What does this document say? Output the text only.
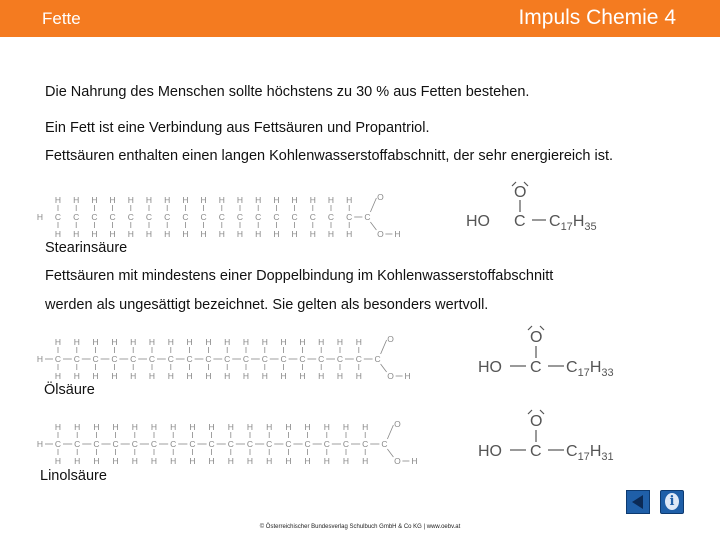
Fette	Impuls Chemie 4
Die Nahrung des Menschen sollte höchstens zu 30 % aus Fetten bestehen.
Ein Fett ist eine Verbindung aus Fettsäuren und Propantriol.
Fettsäuren enthalten einen langen Kohlenwasserstoffabschnitt, der sehr energiereich ist.
H
H
C
H
H
C
H
H
C
H
H
C
H
H
C
H
H
C
H
H
C
H
H
C
H
H
C
H
H
C
H
H
C
H
H
C
H
H
C
H
H
C
H
H
C
H
H
C
H
H
C
H
C
O
O H
Stearinsäure
HO C
O
$C_{17}H_{35}$
Fettsäuren mit mindestens einer Doppelbindung im Kohlenwasserstoffabschnitt
werden als ungesättigt bezeichnet. Sie gelten als besonders wertvoll.
H
H
C
H
H
C
H
H
C
H
H
C
H
H
C
H
H
C
H
H
C
H
H
C
H
H
C
H
H
C
H
H
C
H
H
C
H
H
C
H
H
C
H
H
C
H
H
C
H
H
C
H
C
O
O H
Ölsäure
HO C
O
$C_{17}H_{33}$
H
H
C
H
H
C
H
H
C
H
H
C
H
H
C
H
H
C
H
H
C
H
H
C
H
H
C
H
H
C
H
H
C
H
H
C
H
H
C
H
H
C
H
H
C
H
H
C
H
H
C
H
C
O
O H
Linolsäure
HO C
O
$C_{17}H_{31}$
i
© Österreichischer Bundesverlag Schulbuch GmbH & Co KG | www.oebv.at
